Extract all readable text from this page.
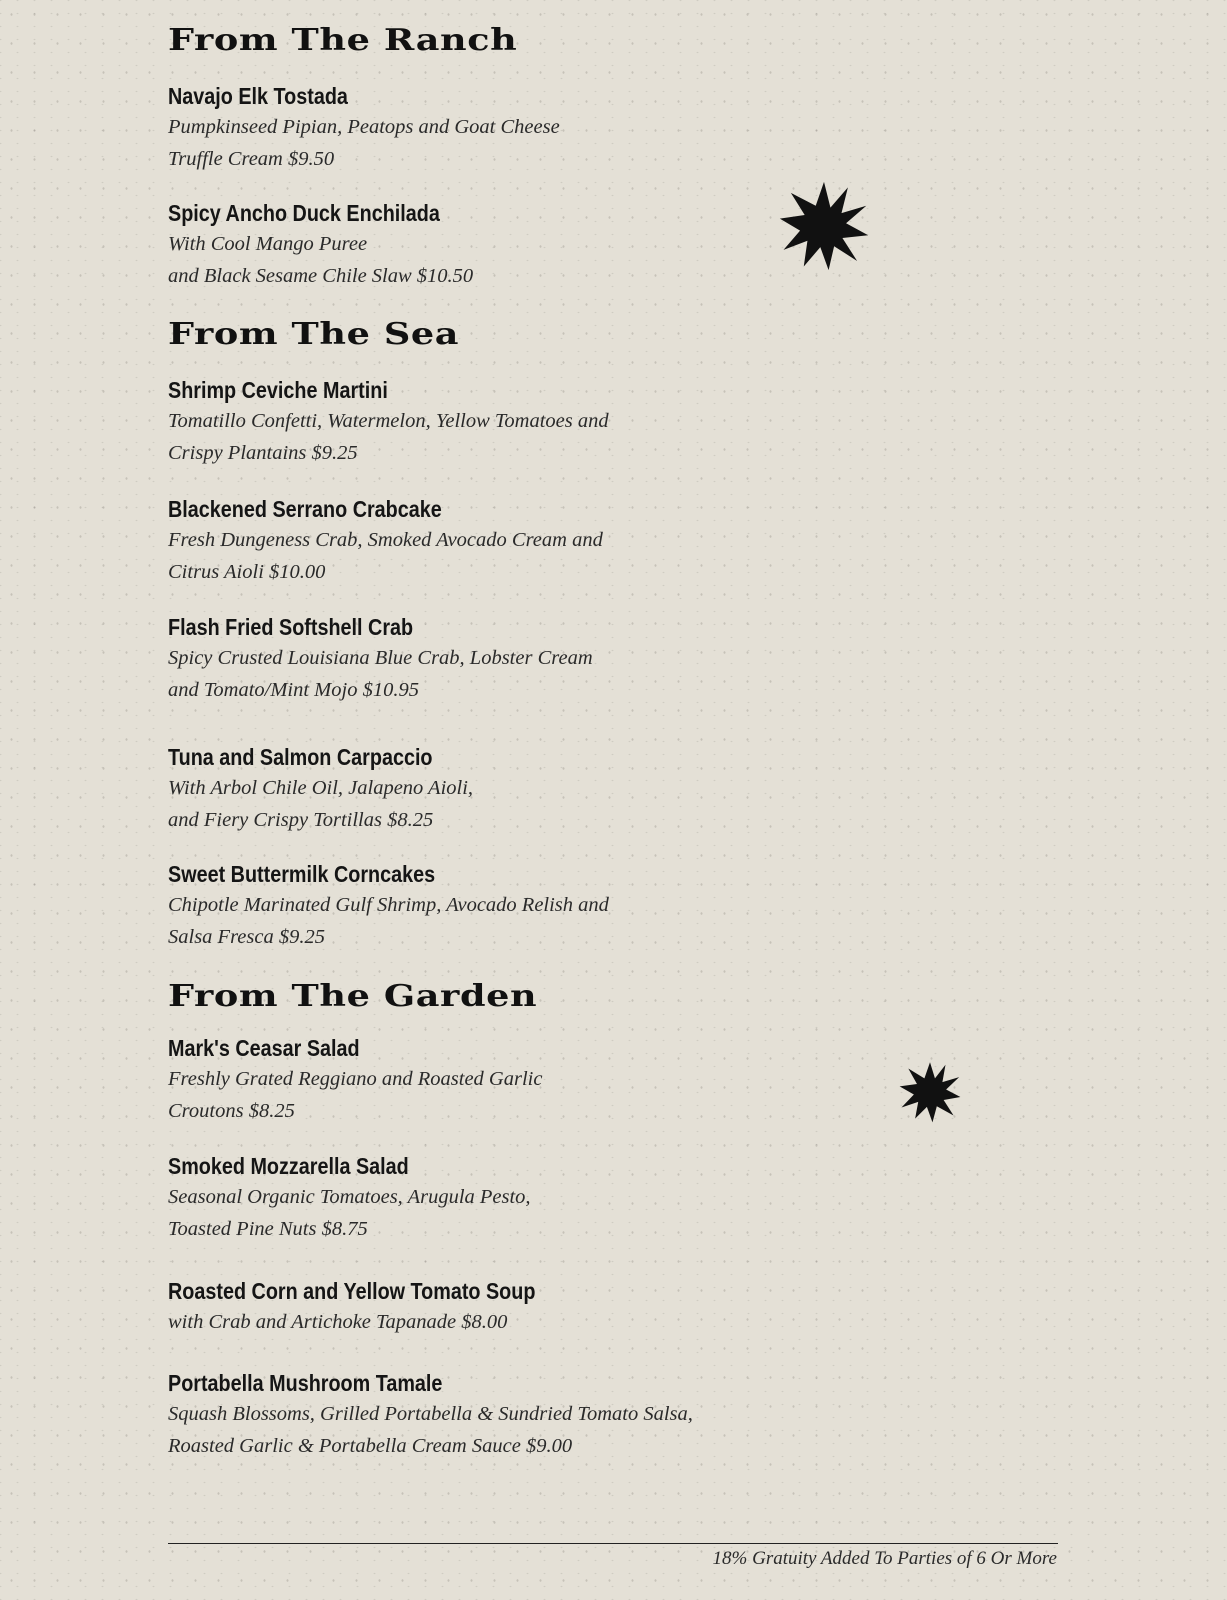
From The Ranch
Navajo Elk Tostada
Pumpkinseed Pipian, Peatops and Goat Cheese
Truffle Cream $9.50
Spicy Ancho Duck Enchilada
With Cool Mango Puree
and Black Sesame Chile Slaw $10.50
From The Sea
Shrimp Ceviche Martini
Tomatillo Confetti, Watermelon, Yellow Tomatoes and
Crispy Plantains $9.25
Blackened Serrano Crabcake
Fresh Dungeness Crab, Smoked Avocado Cream and
Citrus Aioli $10.00
Flash Fried Softshell Crab
Spicy Crusted Louisiana Blue Crab, Lobster Cream
and Tomato/Mint Mojo $10.95
Tuna and Salmon Carpaccio
With Arbol Chile Oil, Jalapeno Aioli,
and Fiery Crispy Tortillas $8.25
Sweet Buttermilk Corncakes
Chipotle Marinated Gulf Shrimp, Avocado Relish and
Salsa Fresca $9.25
From The Garden
Mark's Ceasar Salad
Freshly Grated Reggiano and Roasted Garlic
Croutons $8.25
Smoked Mozzarella Salad
Seasonal Organic Tomatoes, Arugula Pesto,
Toasted Pine Nuts $8.75
Roasted Corn and Yellow Tomato Soup
with Crab and Artichoke Tapanade $8.00
Portabella Mushroom Tamale
Squash Blossoms, Grilled Portabella & Sundried Tomato Salsa,
Roasted Garlic & Portabella Cream Sauce $9.00
18% Gratuity Added To Parties of 6 Or More
